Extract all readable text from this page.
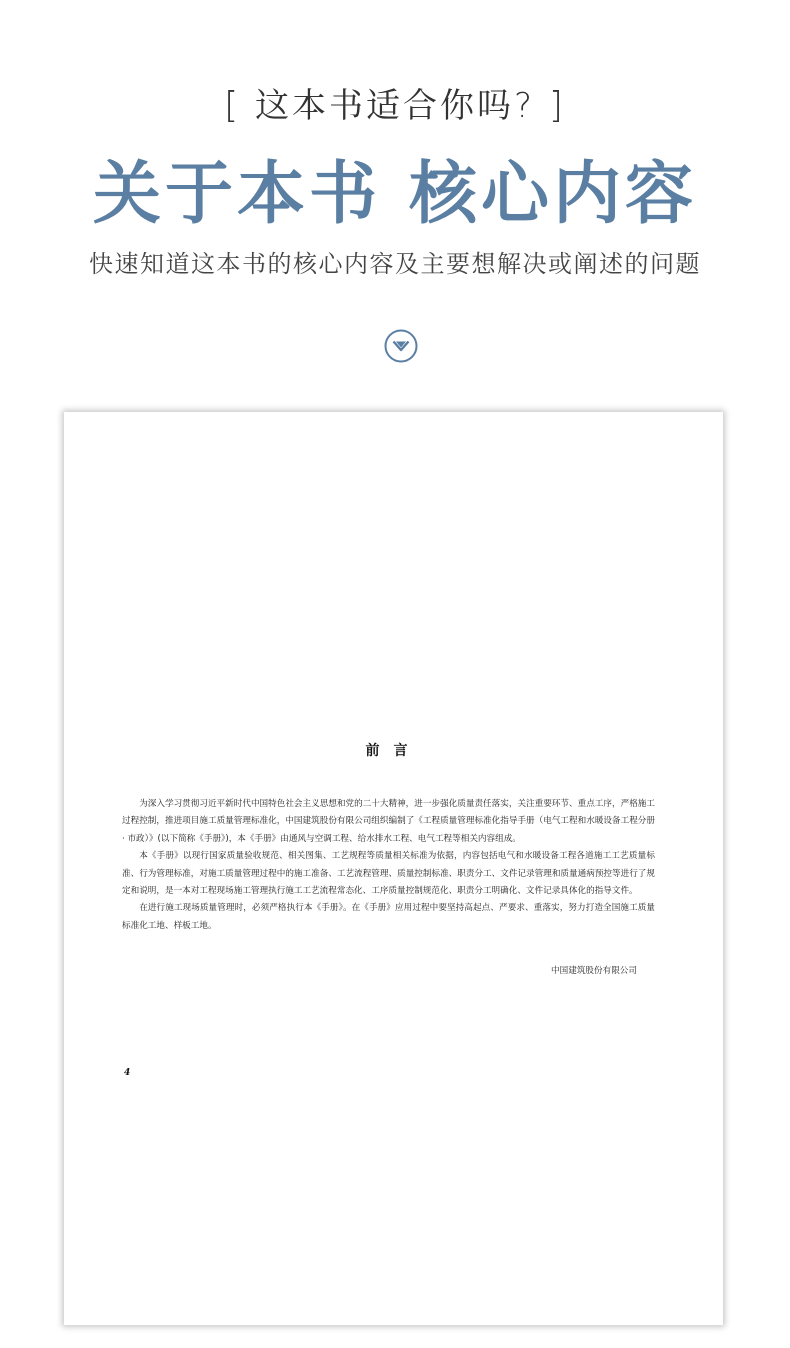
[ 这本书适合你吗? ]
关于本书 核心内容
快速知道这本书的核心内容及主要想解决或阐述的问题
前言

为深入学习贯彻习近平新时代中国特色社会主义思想和党的二十大精神，进一步强化质量责任落实，关注重要环节、重点工序，严格施工过程控制，推进项目施工质量管理标准化，中国建筑股份有限公司组织编制了《工程质量管理标准化指导手册（电气工程和水暖设备工程分册 · 市政）》(以下简称《手册》)，本《手册》由通风与空调工程、给水排水工程、电气工程等相关内容组成。

本《手册》以现行国家质量验收规范、相关图集、工艺规程等质量相关标准为依据，内容包括电气和水暖设备工程各道施工工艺质量标准、行为管理标准，对施工质量管理过程中的施工准备、工艺流程管理、质量控制标准、职责分工、文件记录管理和质量通病预控等进行了规定和说明，是一本对工程现场施工管理执行施工工艺流程常态化、工序质量控制规范化、职责分工明确化、文件记录具体化的指导文件。

在进行施工现场质量管理时，必须严格执行本《手册》。在《手册》应用过程中要坚持高起点、严要求、重落实，努力打造全国施工质量标准化工地、样板工地。

中国建筑股份有限公司
4
